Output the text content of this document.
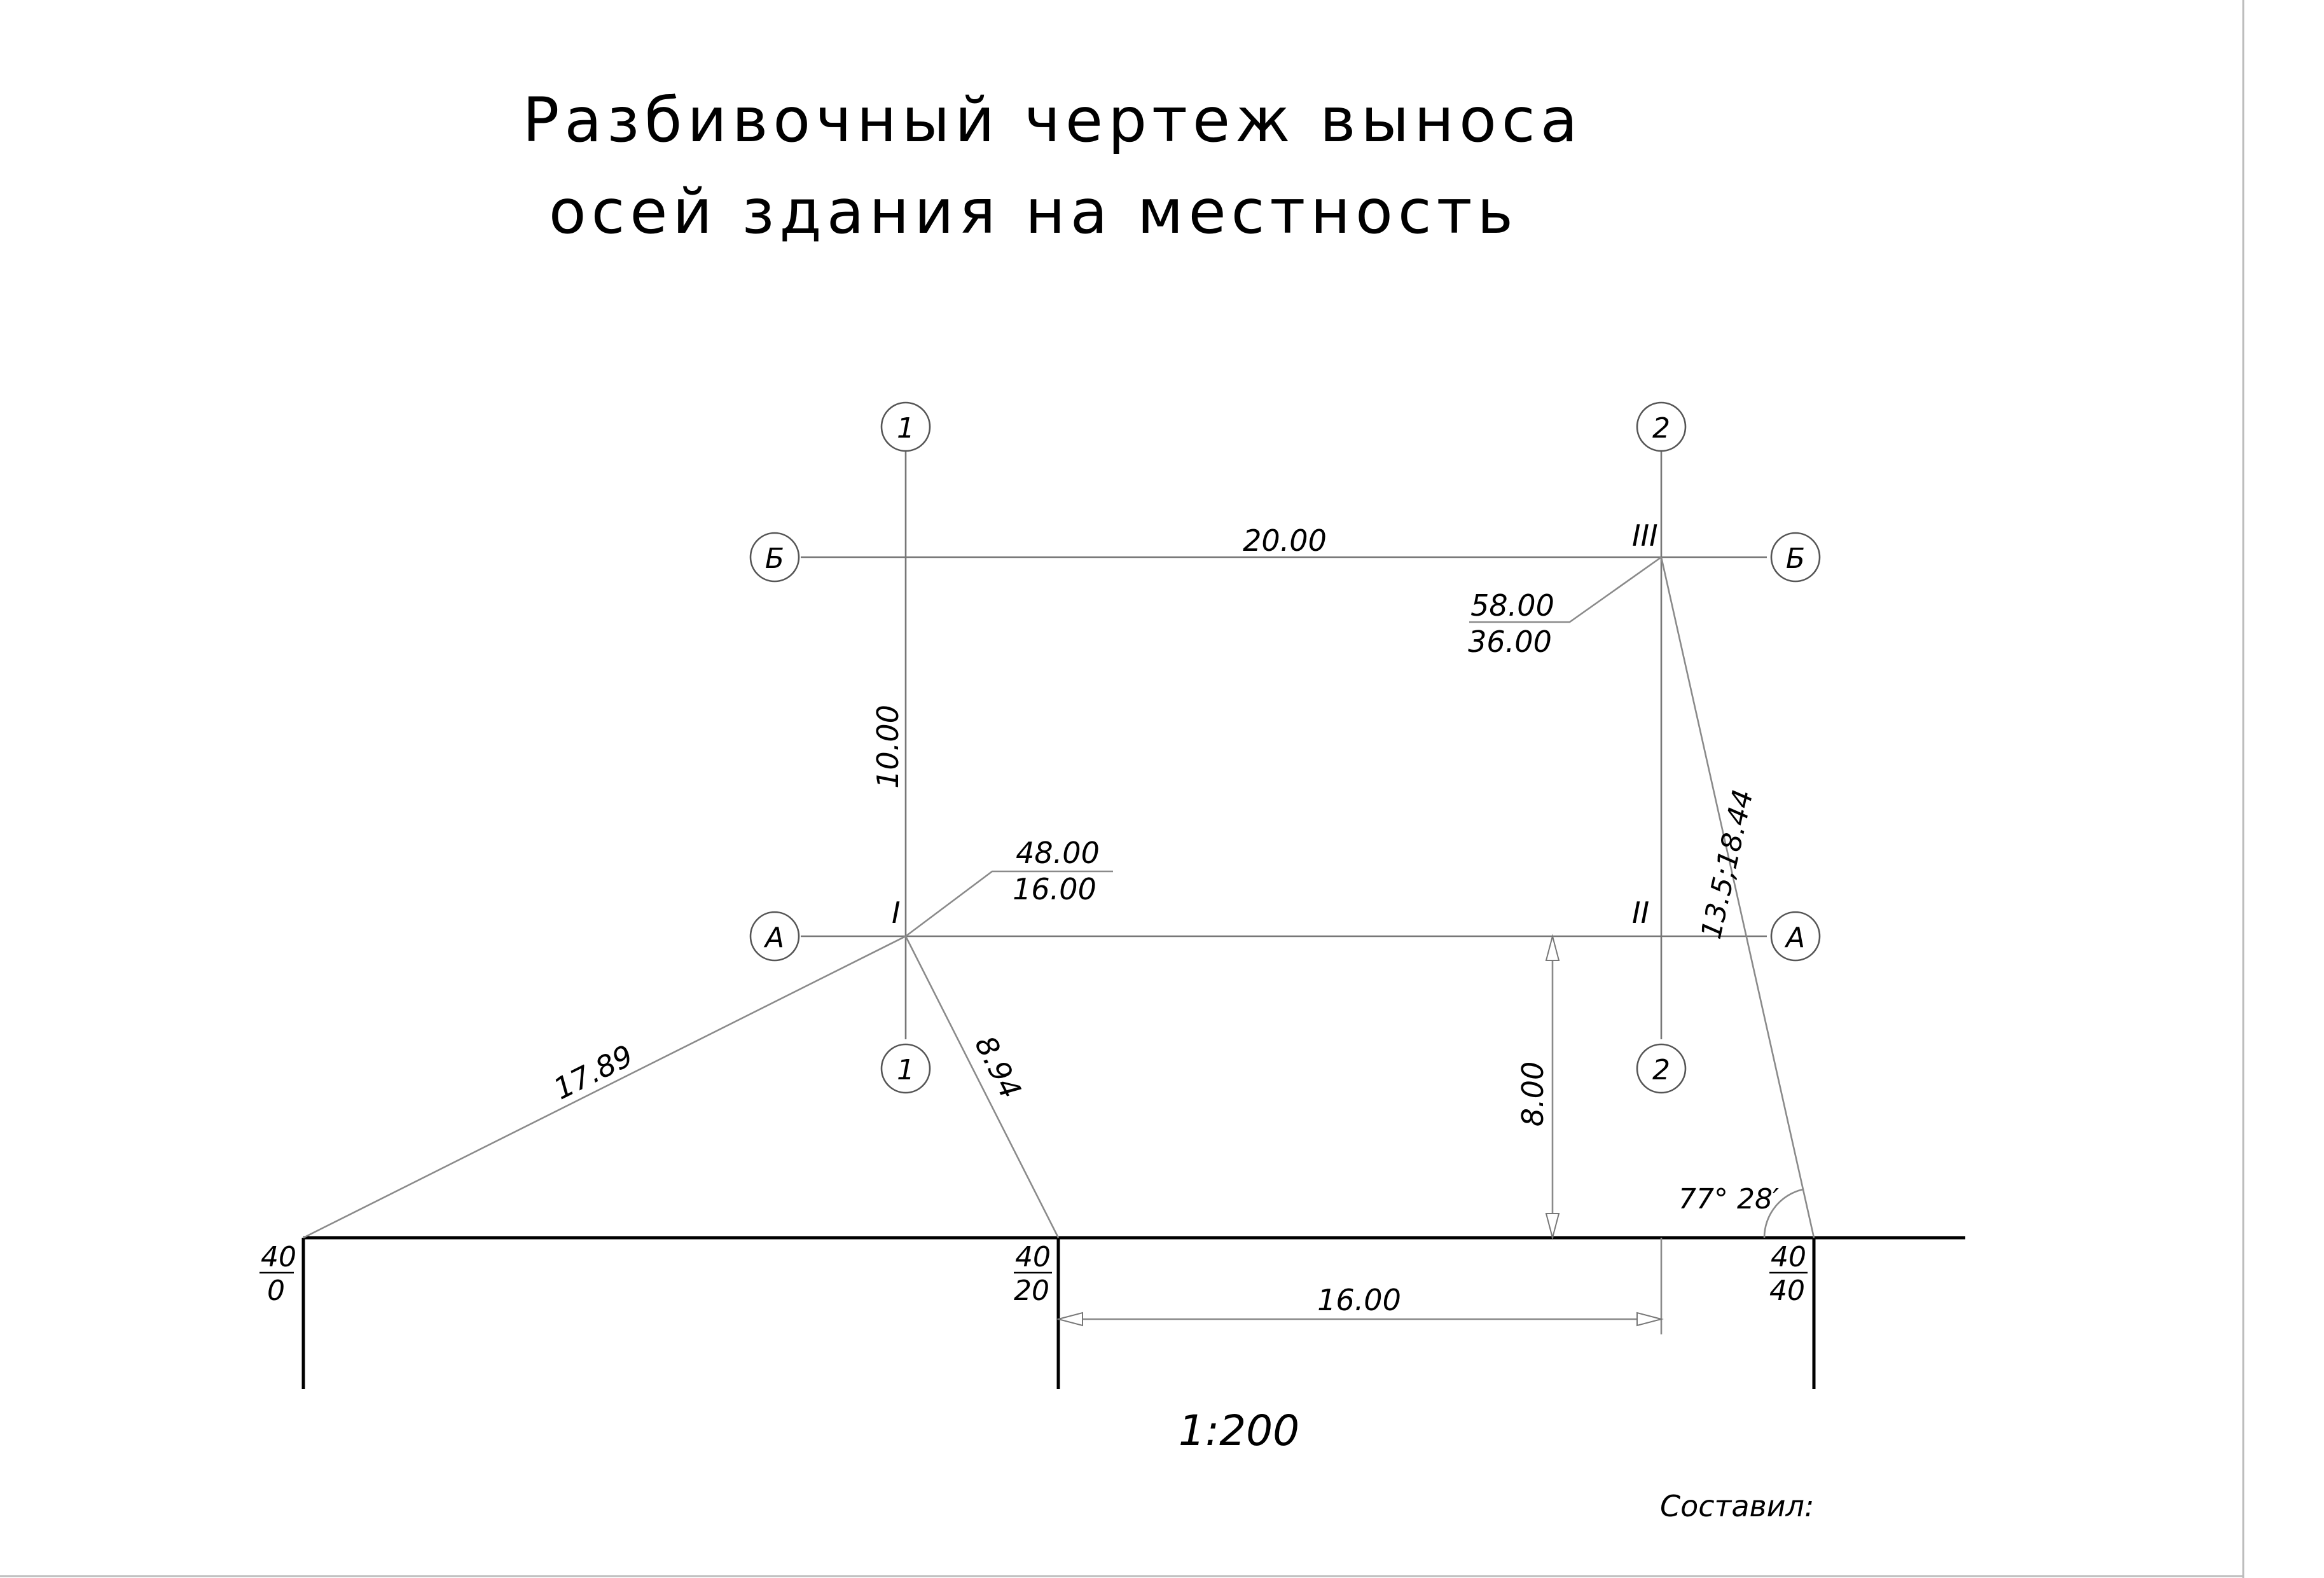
Разбивочный чертеж выноса
осей здания на местность
1
1
2
2
Б	Б
А	А
I	II
III
20.00
10.00
48.00
16.00
58.00
36.00
40
0
40
20
40
40
17.89	8.94
13.5;18.44
77° 28′
8.00
16.00
1:200
Составил:
